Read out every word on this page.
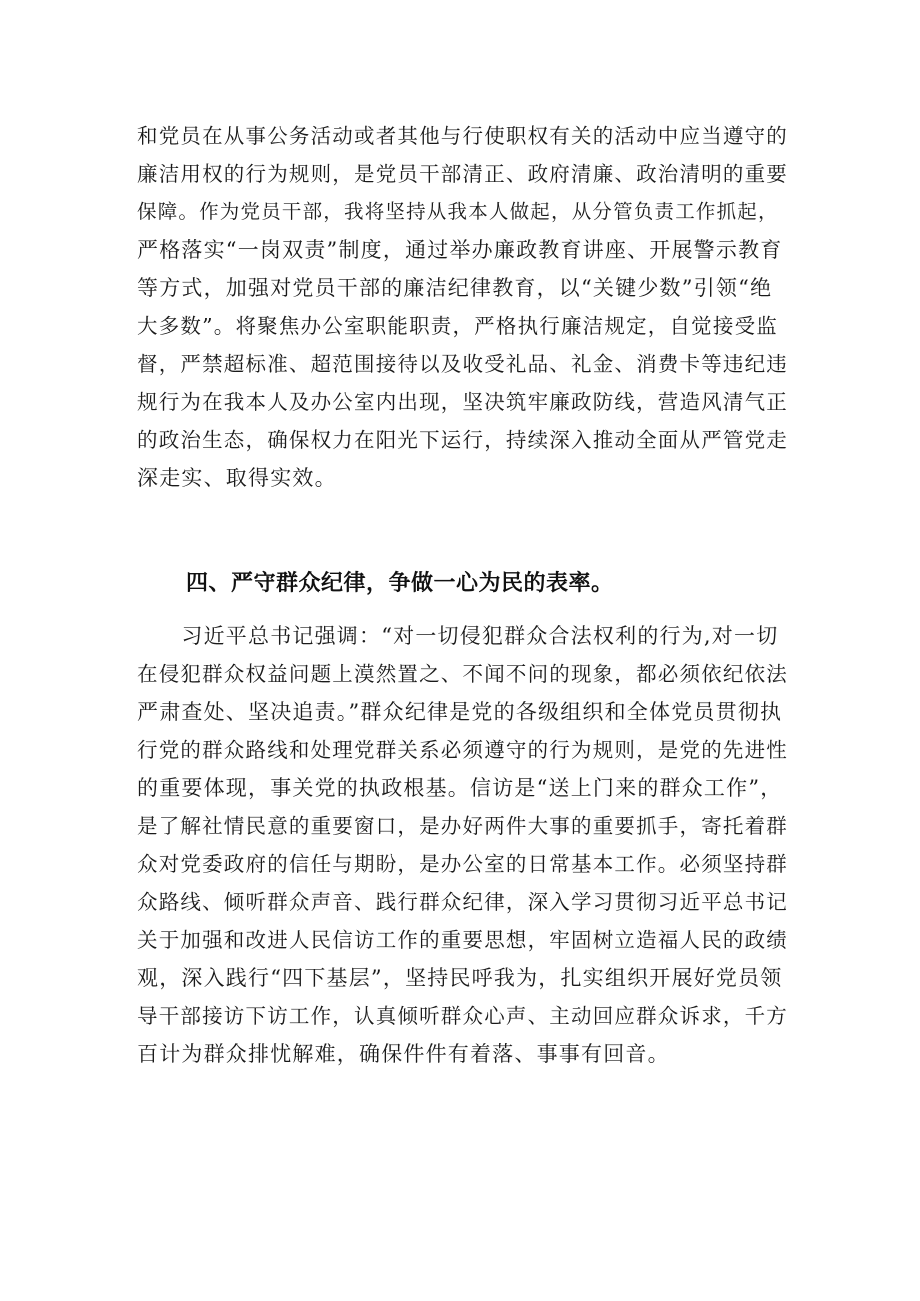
和党员在从事公务活动或者其他与行使职权有关的活动中应当遵守的
廉洁用权的行为规则，是党员干部清正、政府清廉、政治清明的重要
保障。作为党员干部，我将坚持从我本人做起，从分管负责工作抓起，
严格落实“一岗双责”制度，通过举办廉政教育讲座、开展警示教育
等方式，加强对党员干部的廉洁纪律教育，以“关键少数”引领“绝
大多数”。将聚焦办公室职能职责，严格执行廉洁规定，自觉接受监
督，严禁超标准、超范围接待以及收受礼品、礼金、消费卡等违纪违
规行为在我本人及办公室内出现，坚决筑牢廉政防线，营造风清气正
的政治生态，确保权力在阳光下运行，持续深入推动全面从严管党走
深走实、取得实效。
四、严守群众纪律，争做一心为民的表率。
　　习近平总书记强调：“对一切侵犯群众合法权利的行为,对一切
在侵犯群众权益问题上漠然置之、不闻不问的现象，都必须依纪依法
严肃查处、坚决追责。”群众纪律是党的各级组织和全体党员贯彻执
行党的群众路线和处理党群关系必须遵守的行为规则，是党的先进性
的重要体现，事关党的执政根基。信访是“送上门来的群众工作”，
是了解社情民意的重要窗口，是办好两件大事的重要抓手，寄托着群
众对党委政府的信任与期盼，是办公室的日常基本工作。必须坚持群
众路线、倾听群众声音、践行群众纪律，深入学习贯彻习近平总书记
关于加强和改进人民信访工作的重要思想，牢固树立造福人民的政绩
观，深入践行“四下基层”，坚持民呼我为，扎实组织开展好党员领
导干部接访下访工作，认真倾听群众心声、主动回应群众诉求，千方
百计为群众排忧解难，确保件件有着落、事事有回音。
